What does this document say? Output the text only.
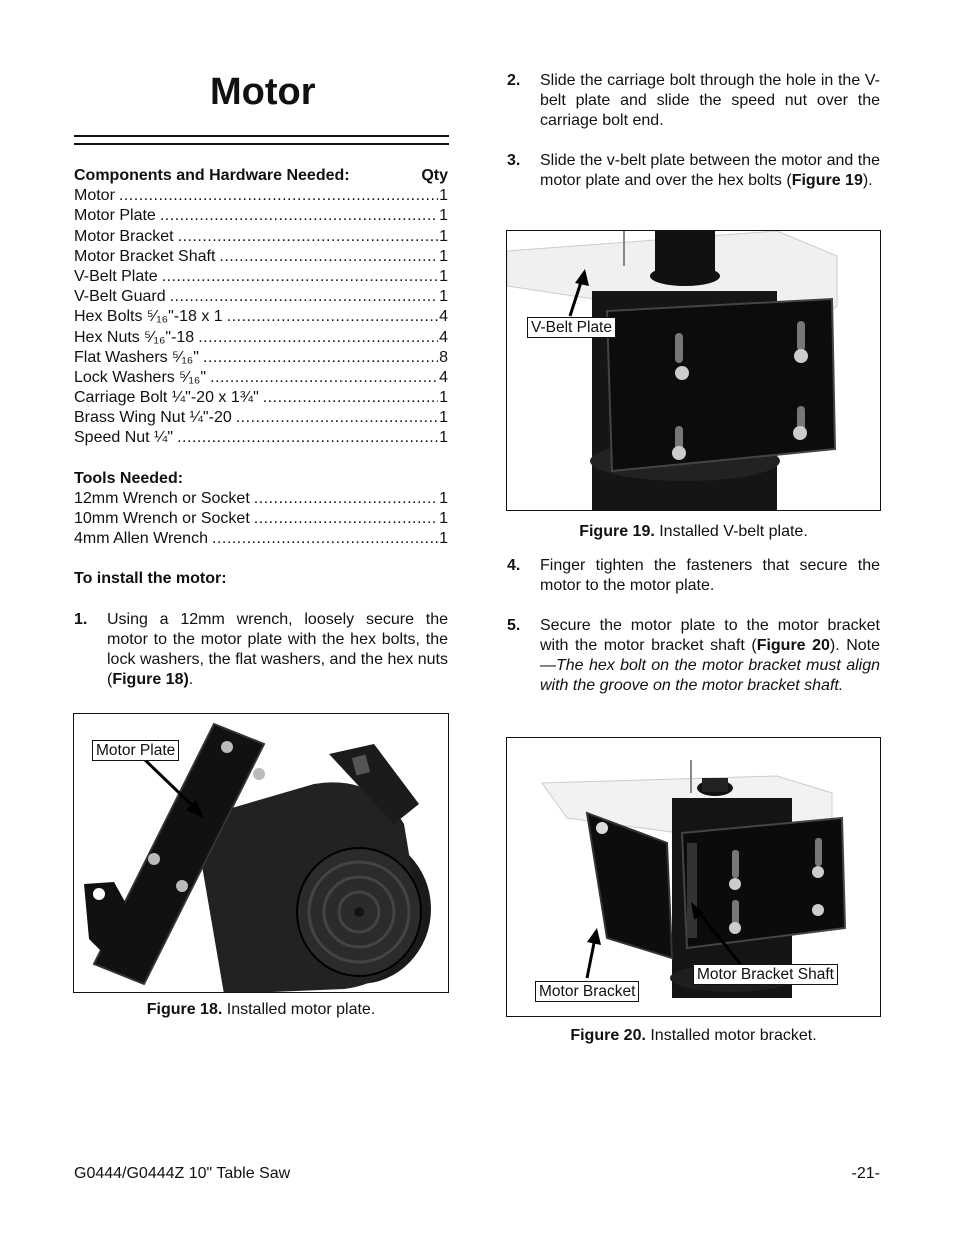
Motor
Components and Hardware Needed:	Qty
Motor .....	1
Motor Plate .....	1
Motor Bracket .....	1
Motor Bracket Shaft .....	1
V-Belt Plate .....	1
V-Belt Guard .....	1
Hex Bolts ⁵⁄₁₆"-18 x 1 .....	4
Hex Nuts ⁵⁄₁₆"-18 .....	4
Flat Washers ⁵⁄₁₆" .....	8
Lock Washers ⁵⁄₁₆" .....	4
Carriage Bolt ¼"-20 x 1¾" .....	1
Brass Wing Nut ¼"-20 .....	1
Speed Nut ¼" .....	1
Tools Needed:
12mm Wrench or Socket .....	1
10mm Wrench or Socket .....	1
4mm Allen Wrench .....	1
To install the motor:
1.	Using a 12mm wrench, loosely secure the motor to the motor plate with the hex bolts, the lock washers, the flat washers, and the hex nuts (Figure 18).
Motor Plate
Figure 18. Installed motor plate.
2.	Slide the carriage bolt through the hole in the V-belt plate and slide the speed nut over the carriage bolt end.
3.	Slide the v-belt plate between the motor and the motor plate and over the hex bolts (Figure 19).
V-Belt Plate
Figure 19. Installed V-belt plate.
4.	Finger tighten the fasteners that secure the motor to the motor plate.
5.	Secure the motor plate to the motor bracket with the motor bracket shaft (Figure 20). Note—The hex bolt on the motor bracket must align with the groove on the motor bracket shaft.
Motor Bracket
Motor Bracket Shaft
Figure 20. Installed motor bracket.
G0444/G0444Z 10" Table Saw	-21-
